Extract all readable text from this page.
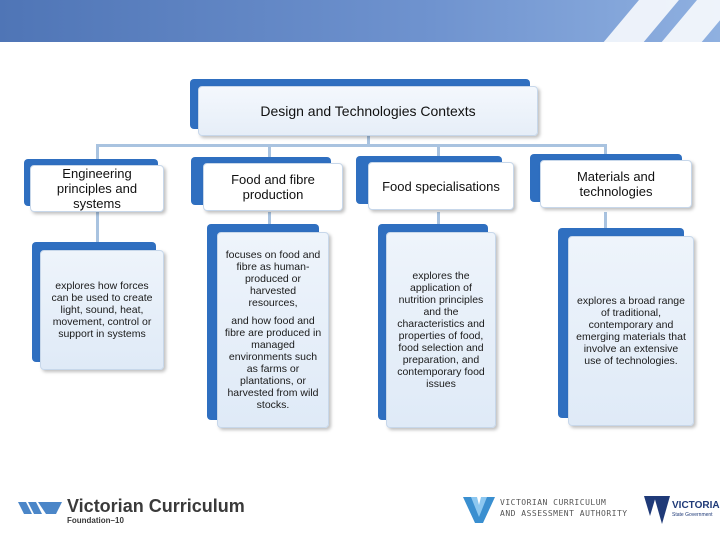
Design and Technologies Contexts
Engineering principles and systems
explores how forces can be used to create light, sound, heat, movement, control or support in systems
Food and fibre production
focuses on food and fibre as human-produced or harvested resources,
and how food and fibre are produced in managed environments such as farms or plantations, or harvested from wild stocks.
Food specialisations
explores the application of nutrition principles and the characteristics and properties of food, food selection and preparation, and contemporary food issues
Materials and technologies
explores a broad range of traditional, contemporary and emerging materials that involve an extensive use of technologies.
Victorian Curriculum
Foundation–10
VICTORIAN CURRICULUM
AND ASSESSMENT AUTHORITY
VICTORIA
State Government
